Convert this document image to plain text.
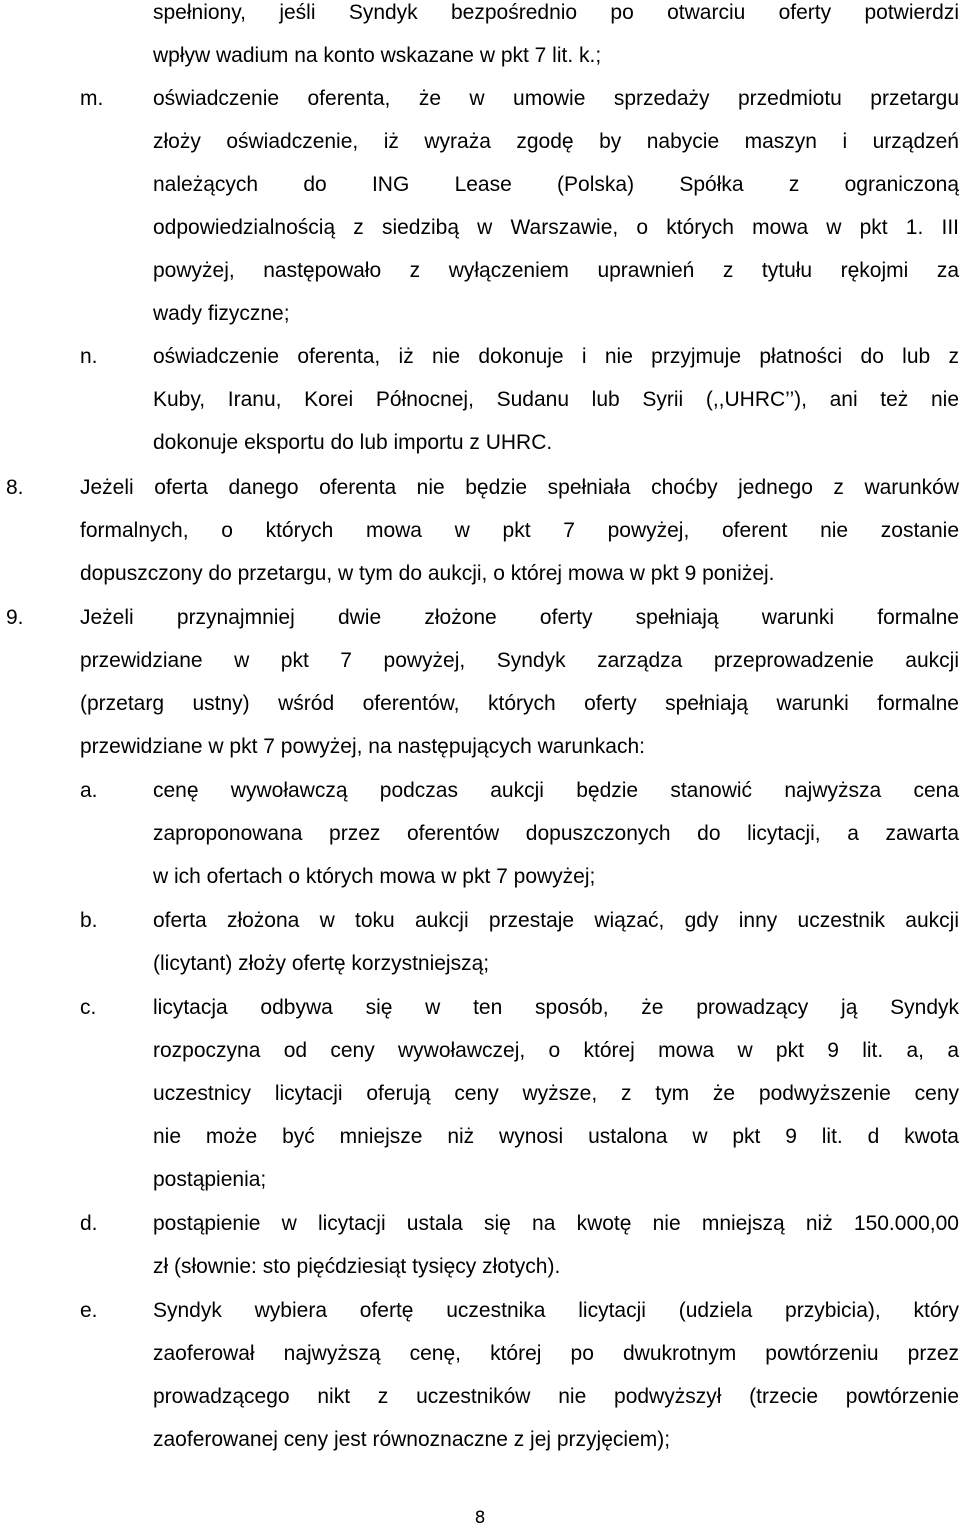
spełniony, jeśli Syndyk bezpośrednio po otwarciu oferty potwierdzi
wpływ wadium na konto wskazane w pkt 7 lit. k.;
m. oświadczenie oferenta, że w umowie sprzedaży przedmiotu przetargu
złoży oświadczenie, iż wyraża zgodę by nabycie maszyn i urządzeń
należących do ING Lease (Polska) Spółka z ograniczoną
odpowiedzialnością z siedzibą w Warszawie, o których mowa w pkt 1. III
powyżej, następowało z wyłączeniem uprawnień z tytułu rękojmi za
wady fizyczne;
n.	oświadczenie oferenta, iż nie dokonuje i nie przyjmuje płatności do lub z
Kuby, Iranu, Korei Północnej, Sudanu lub Syrii (,,UHRC’’), ani też nie
dokonuje eksportu do lub importu z UHRC.
8.	Jeżeli oferta danego oferenta nie będzie spełniała choćby jednego z warunków
formalnych, o których mowa w pkt 7 powyżej, oferent nie zostanie
dopuszczony do przetargu, w tym do aukcji, o której mowa w pkt 9 poniżej.
9.	Jeżeli przynajmniej dwie złożone oferty spełniają warunki formalne
przewidziane w pkt 7 powyżej, Syndyk zarządza przeprowadzenie aukcji
(przetarg ustny) wśród oferentów, których oferty spełniają warunki formalne
przewidziane w pkt 7 powyżej, na następujących warunkach:
a.	cenę wywoławczą podczas aukcji będzie stanowić najwyższa cena
zaproponowana przez oferentów dopuszczonych do licytacji, a zawarta
w ich ofertach o których mowa w pkt 7 powyżej;
b.	oferta złożona w toku aukcji przestaje wiązać, gdy inny uczestnik aukcji
(licytant) złoży ofertę korzystniejszą;
c.	licytacja odbywa się w ten sposób, że prowadzący ją Syndyk
rozpoczyna od ceny wywoławczej, o której mowa w pkt 9 lit. a, a
uczestnicy licytacji oferują ceny wyższe, z tym że podwyższenie ceny
nie może być mniejsze niż wynosi ustalona w pkt 9 lit. d kwota
postąpienia;
d.	postąpienie w licytacji ustala się na kwotę nie mniejszą niż 150.000,00
zł (słownie: sto pięćdziesiąt tysięcy złotych).
e.	Syndyk wybiera ofertę uczestnika licytacji (udziela przybicia), który
zaoferował najwyższą cenę, której po dwukrotnym powtórzeniu przez
prowadzącego nikt z uczestników nie podwyższył (trzecie powtórzenie
zaoferowanej ceny jest równoznaczne z jej przyjęciem);
8
